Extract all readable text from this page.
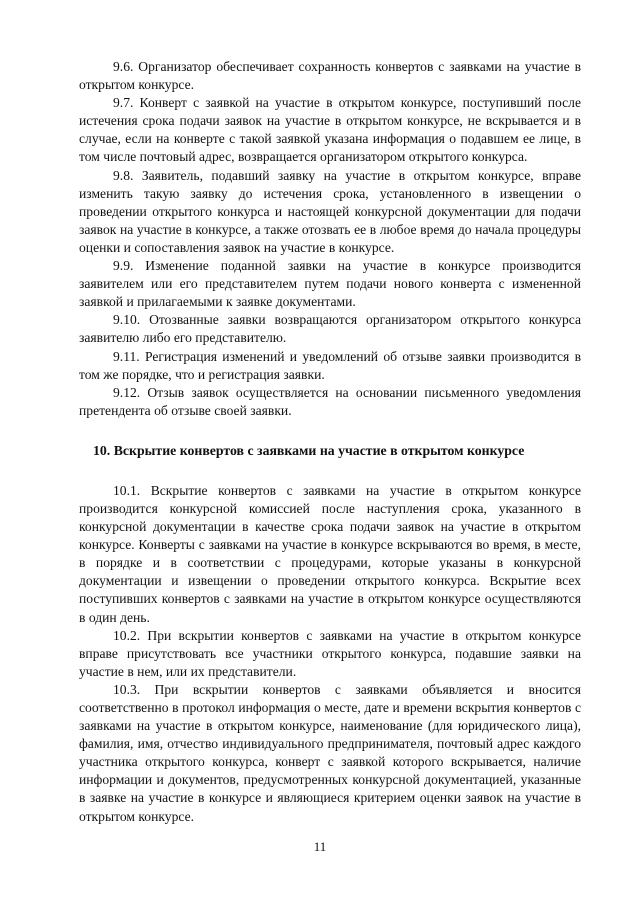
9.6. Организатор обеспечивает сохранность конвертов с заявками на участие в открытом конкурсе.

9.7. Конверт с заявкой на участие в открытом конкурсе, поступивший после истечения срока подачи заявок на участие в открытом конкурсе, не вскрывается и в случае, если на конверте с такой заявкой указана информация о подавшем ее лице, в том числе почтовый адрес, возвращается организатором открытого конкурса.

9.8. Заявитель, подавший заявку на участие в открытом конкурсе, вправе изменить такую заявку до истечения срока, установленного в извещении о проведении открытого конкурса и настоящей конкурсной документации для подачи заявок на участие в конкурсе, а также отозвать ее в любое время до начала процедуры оценки и сопоставления заявок на участие в конкурсе.

9.9. Изменение поданной заявки на участие в конкурсе производится заявителем или его представителем путем подачи нового конверта с измененной заявкой и прилагаемыми к заявке документами.

9.10. Отозванные заявки возвращаются организатором открытого конкурса заявителю либо его представителю.

9.11. Регистрация изменений и уведомлений об отзыве заявки производится в том же порядке, что и регистрация заявки.

9.12. Отзыв заявок осуществляется на основании письменного уведомления претендента об отзыве своей заявки.

10. Вскрытие конвертов с заявками на участие в открытом конкурсе

10.1. Вскрытие конвертов с заявками на участие в открытом конкурсе производится конкурсной комиссией после наступления срока, указанного в конкурсной документации в качестве срока подачи заявок на участие в открытом конкурсе. Конверты с заявками на участие в конкурсе вскрываются во время, в месте, в порядке и в соответствии с процедурами, которые указаны в конкурсной документации и извещении о проведении открытого конкурса. Вскрытие всех поступивших конвертов с заявками на участие в открытом конкурсе осуществляются в один день.

10.2. При вскрытии конвертов с заявками на участие в открытом конкурсе вправе присутствовать все участники открытого конкурса, подавшие заявки на участие в нем, или их представители.

10.3. При вскрытии конвертов с заявками объявляется и вносится соответственно в протокол информация о месте, дате и времени вскрытия конвертов с заявками на участие в открытом конкурсе, наименование (для юридического лица), фамилия, имя, отчество индивидуального предпринимателя, почтовый адрес каждого участника открытого конкурса, конверт с заявкой которого вскрывается, наличие информации и документов, предусмотренных конкурсной документацией, указанные в заявке на участие в конкурсе и являющиеся критерием оценки заявок на участие в открытом конкурсе.

11
